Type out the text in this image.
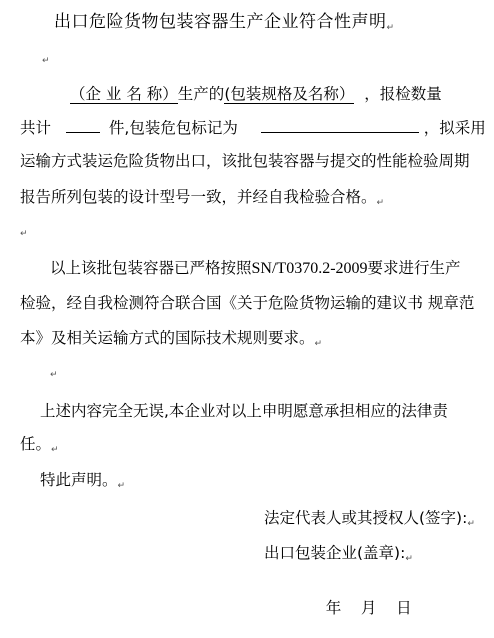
出口危险货物包装容器生产企业符合性声明↵
↵
（企 业 名 称）生产的(包装规格及名称） ，报检数量
共计	件,包装危包标记为	，拟采用
运输方式装运危险货物出口，该批包装容器与提交的性能检验周期
报告所列包装的设计型号一致，并经自我检验合格。↵
↵
以上该批包装容器已严格按照SN/T0370.2-2009要求进行生产
检验，经自我检测符合联合国《关于危险货物运输的建议书 规章范
本》及相关运输方式的国际技术规则要求。↵
↵
上述内容完全无误,本企业对以上申明愿意承担相应的法律责
任。↵
特此声明。↵
法定代表人或其授权人(签字):↵
出口包装企业(盖章):↵

年    月    日
